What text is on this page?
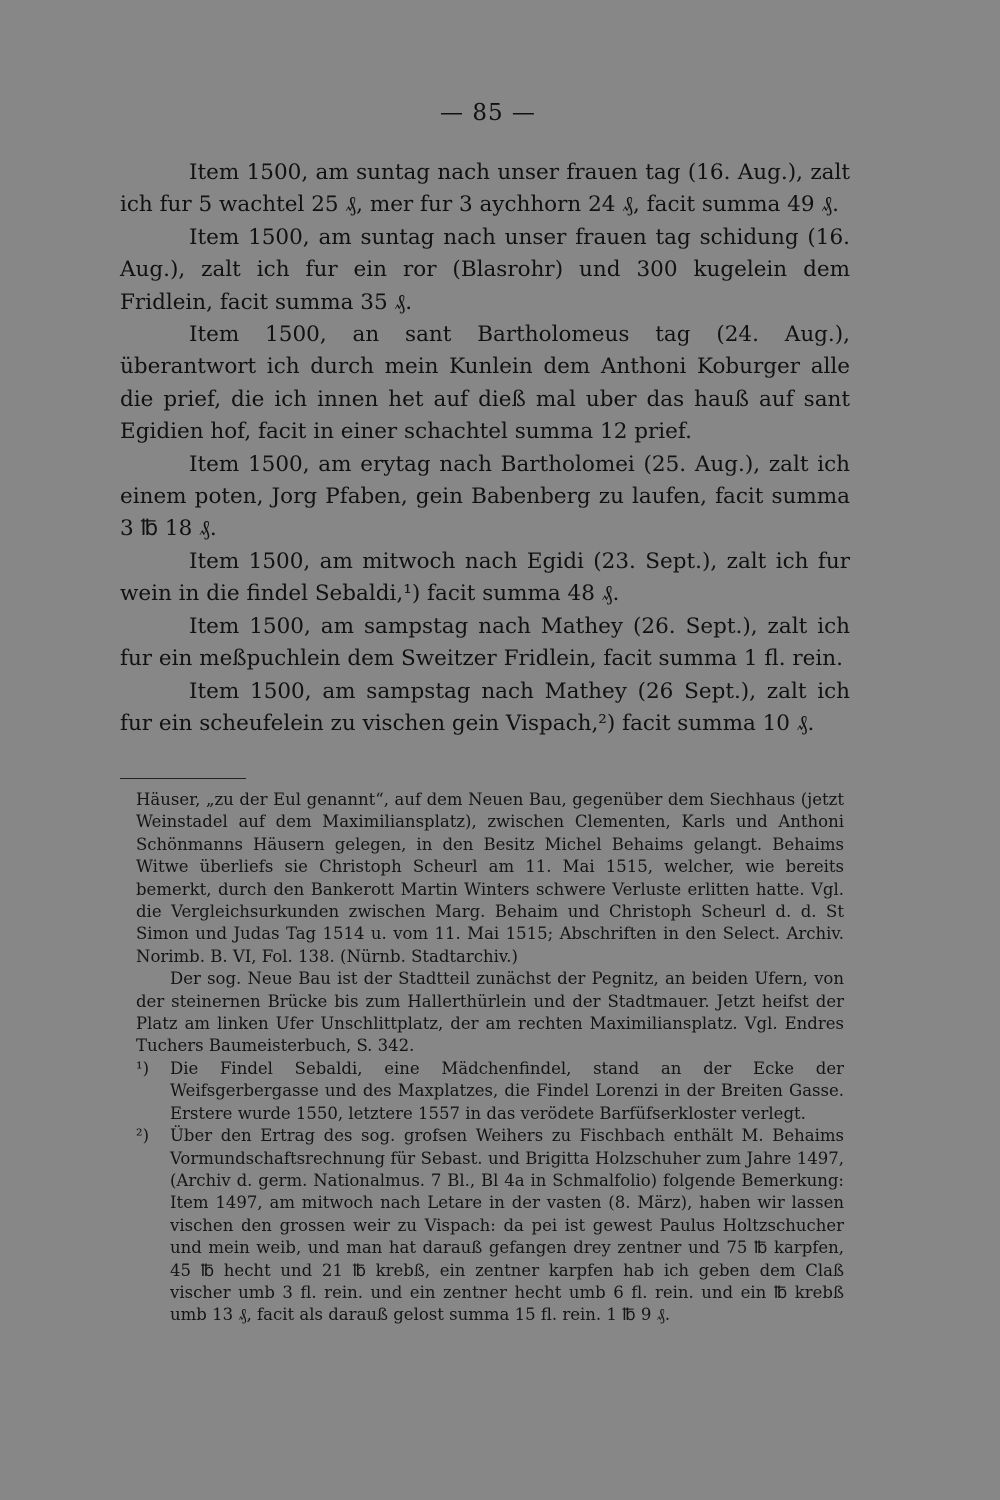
— 85 —

Item 1500, am suntag nach unser frauen tag (16. Aug.), zalt ich fur 5 wachtel 25 ₰, mer fur 3 aychhorn 24 ₰, facit summa 49 ₰.

Item 1500, am suntag nach unser frauen tag schidung (16. Aug.), zalt ich fur ein ror (Blasrohr) und 300 kugelein dem Fridlein, facit summa 35 ₰.

Item 1500, an sant Bartholomeus tag (24. Aug.), überantwort ich durch mein Kunlein dem Anthoni Koburger alle die prief, die ich innen het auf dieß mal uber das hauß auf sant Egidien hof, facit in einer schachtel summa 12 prief.

Item 1500, am erytag nach Bartholomei (25. Aug.), zalt ich einem poten, Jorg Pfaben, gein Babenberg zu laufen, facit summa 3 ℔ 18 ₰.

Item 1500, am mitwoch nach Egidi (23. Sept.), zalt ich fur wein in die findel Sebaldi,¹) facit summa 48 ₰.

Item 1500, am sampstag nach Mathey (26. Sept.), zalt ich fur ein meßpuchlein dem Sweitzer Fridlein, facit summa 1 fl. rein.

Item 1500, am sampstag nach Mathey (26 Sept.), zalt ich fur ein scheufelein zu vischen gein Vispach,²) facit summa 10 ₰.

Häuser, „zu der Eul genannt“, auf dem Neuen Bau, gegenüber dem Siechhaus (jetzt Weinstadel auf dem Maximiliansplatz), zwischen Clementen, Karls und Anthoni Schönmanns Häusern gelegen, in den Besitz Michel Behaims gelangt. Behaims Witwe überliefs sie Christoph Scheurl am 11. Mai 1515, welcher, wie bereits bemerkt, durch den Bankerott Martin Winters schwere Verluste erlitten hatte. Vgl. die Vergleichsurkunden zwischen Marg. Behaim und Christoph Scheurl d. d. St Simon und Judas Tag 1514 u. vom 11. Mai 1515; Abschriften in den Select. Archiv. Norimb. B. VI, Fol. 138. (Nürnb. Stadtarchiv.)

Der sog. Neue Bau ist der Stadtteil zunächst der Pegnitz, an beiden Ufern, von der steinernen Brücke bis zum Hallerthürlein und der Stadtmauer. Jetzt heifst der Platz am linken Ufer Unschlittplatz, der am rechten Maximiliansplatz. Vgl. Endres Tuchers Baumeisterbuch, S. 342.

¹) Die Findel Sebaldi, eine Mädchenfindel, stand an der Ecke der Weifsgerbergasse und des Maxplatzes, die Findel Lorenzi in der Breiten Gasse. Erstere wurde 1550, letztere 1557 in das verödete Barfüfserkloster verlegt.

²) Über den Ertrag des sog. grofsen Weihers zu Fischbach enthält M. Behaims Vormundschaftsrechnung für Sebast. und Brigitta Holzschuher zum Jahre 1497, (Archiv d. germ. Nationalmus. 7 Bl., Bl 4a in Schmalfolio) folgende Bemerkung: Item 1497, am mitwoch nach Letare in der vasten (8. März), haben wir lassen vischen den grossen weir zu Vispach: da pei ist gewest Paulus Holtzschucher und mein weib, und man hat darauß gefangen drey zentner und 75 ℔ karpfen, 45 ℔ hecht und 21 ℔ krebß, ein zentner karpfen hab ich geben dem Claß vischer umb 3 fl. rein. und ein zentner hecht umb 6 fl. rein. und ein ℔ krebß umb 13 ₰, facit als darauß gelost summa 15 fl. rein. 1 ℔ 9 ₰.
